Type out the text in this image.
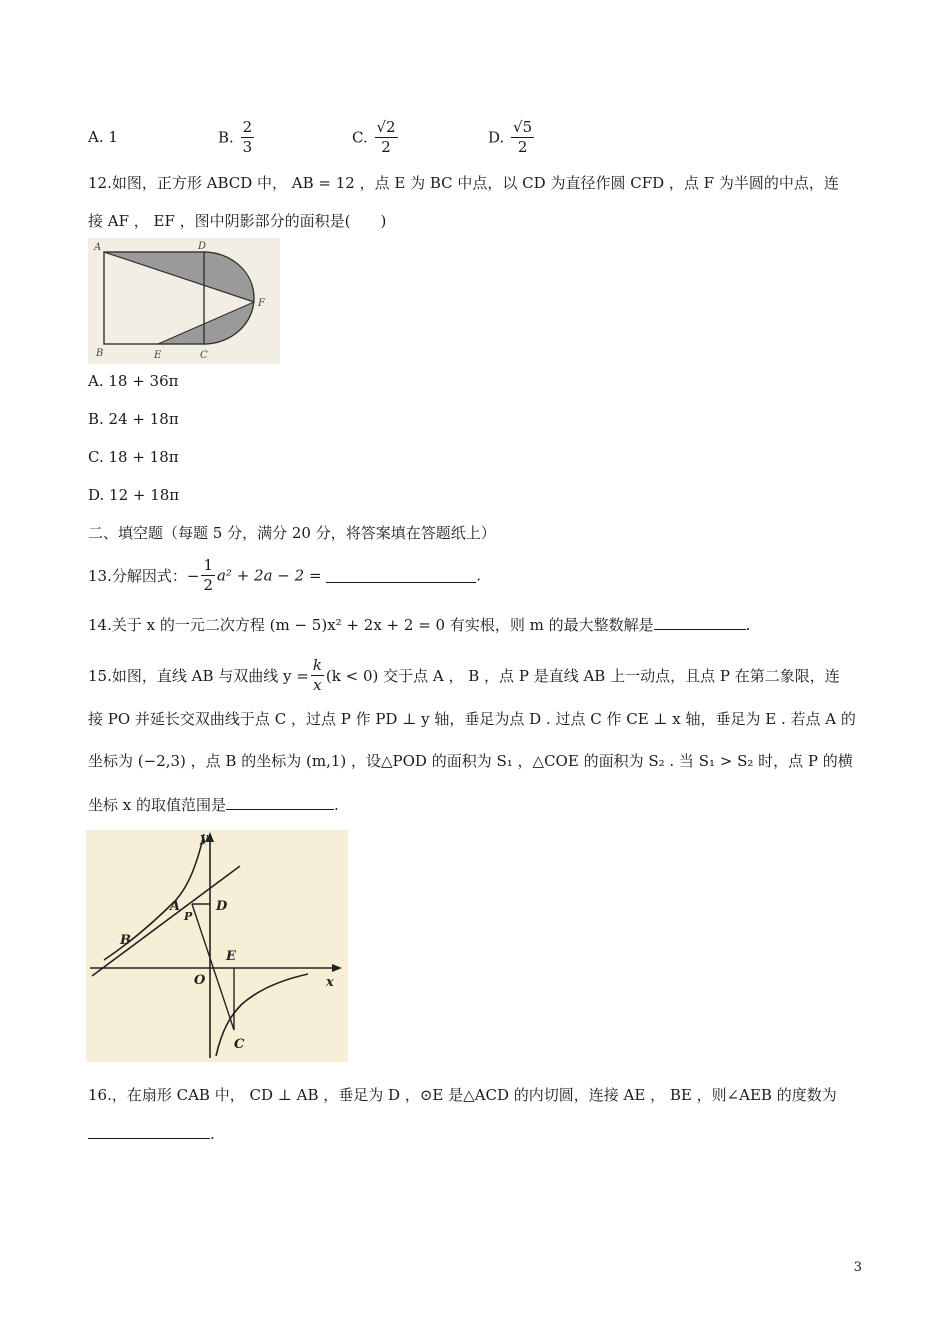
A. 1	B. $\frac{2}{3}$	C. $\frac{√2}{2}$	D. $\frac{√5}{2}$
12.如图，正方形 ABCD 中， AB = 12 ，点 E 为 BC 中点，以 CD 为直径作圆 CFD ，点 F 为半圆的中点，连
接 AF ， EF ，图中阴影部分的面积是(　　)
A	D
F
B	E	C
A. 18 + 36π
B. 24 + 18π
C. 18 + 18π
D. 12 + 18π
二、填空题（每题 5 分，满分 20 分，将答案填在答题纸上）
13.分解因式：− $\frac{1}{2} a^2 + 2a - 2$ =	.
14.关于 x 的一元二次方程 (m − 5)x² + 2x + 2 = 0 有实根，则 m 的最大整数解是	.
15.如图，直线 AB 与双曲线 $y = \frac{k}{x} (k < 0)$ 交于点 A ， B ，点 P 是直线 AB 上一动点，且点 P 在第二象限，连
接 PO 并延长交双曲线于点 C ，过点 P 作 PD ⊥ y 轴，垂足为点 D . 过点 C 作 CE ⊥ x 轴，垂足为 E . 若点 A 的
坐标为 (−2,3) ，点 B 的坐标为 (m,1) ，设△POD 的面积为 S₁ ，△COE 的面积为 S₂ . 当 S₁ > S₂ 时，点 P 的横
坐标 x 的取值范围是	.
y
A
P
D
B
O
E
x
C
16.，在扇形 CAB 中， CD ⊥ AB ，垂足为 D ，⊙E 是△ACD 的内切圆，连接 AE ， BE ，则∠AEB 的度数为
.
3
